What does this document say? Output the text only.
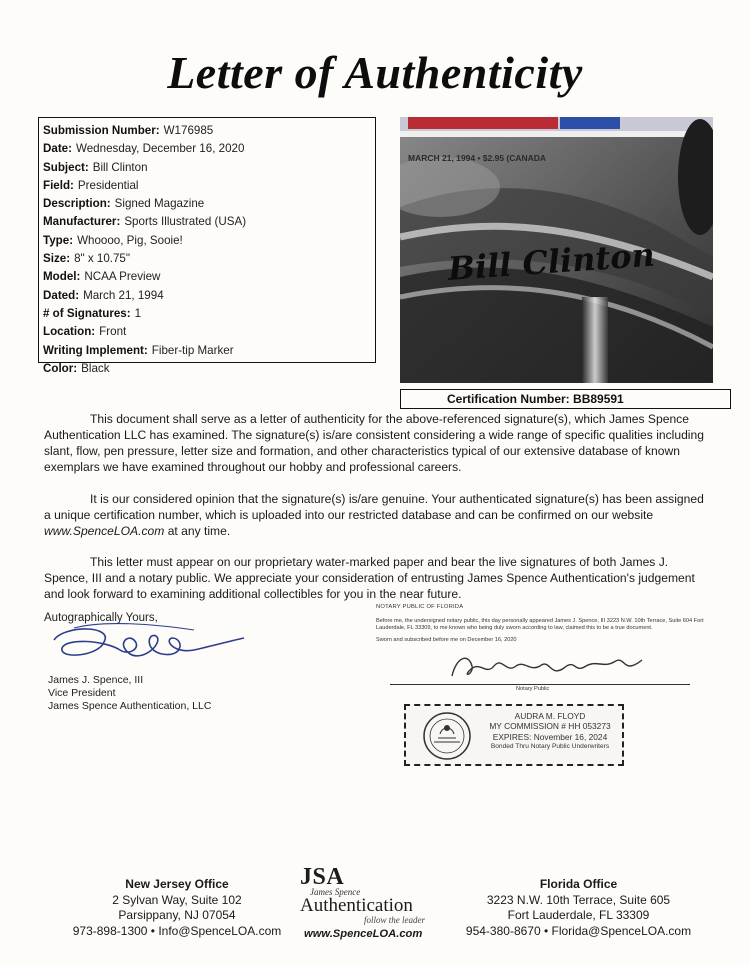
Letter of Authenticity
Submission Number: W176985
Date: Wednesday, December 16, 2020
Subject: Bill Clinton
Field: Presidential
Description: Signed Magazine
Manufacturer: Sports Illustrated (USA)
Type: Whoooo, Pig, Sooie!
Size: 8" x 10.75"
Model: NCAA Preview
Dated: March 21, 1994
# of Signatures: 1
Location: Front
Writing Implement: Fiber-tip Marker
Color: Black
MARCH 21, 1994 • $2.95 (CANADA
Bill Clinton
Certification Number: BB89591
This document shall serve as a letter of authenticity for the above-referenced signature(s), which James Spence Authentication LLC has examined. The signature(s) is/are consistent considering a wide range of specific qualities including slant, flow, pen pressure, letter size and formation, and other characteristics typical of our extensive database of known exemplars we have examined throughout our hobby and professional careers.
It is our considered opinion that the signature(s) is/are genuine. Your authenticated signature(s) has been assigned a unique certification number, which is uploaded into our restricted database and can be confirmed on our website www.SpenceLOA.com at any time.
This letter must appear on our proprietary water-marked paper and bear the live signatures of both James J. Spence, III and a notary public. We appreciate your consideration of entrusting James Spence Authentication's judgement and look forward to examining additional collectibles for you in the near future.
Autographically Yours,
J. Spence
James J. Spence, III
Vice President
James Spence Authentication, LLC
NOTARY PUBLIC OF FLORIDA
Before me, the undersigned notary public, this day personally appeared James J. Spence, III 3223 N.W. 10th Terrace, Suite 604 Fort Lauderdale, FL 33309, to me known who being duly sworn according to law, claimed this to be a true document.
Sworn and subscribed before me on December 16, 2020
Audra M. Floyd
Notary Public
AUDRA M. FLOYD
MY COMMISSION # HH 053273
EXPIRES: November 16, 2024
Bonded Thru Notary Public Underwriters
New Jersey Office
2 Sylvan Way, Suite 102
Parsippany, NJ 07054
973-898-1300 • Info@SpenceLOA.com
JSA
James Spence
Authentication
follow the leader
www.SpenceLOA.com
Florida Office
3223 N.W. 10th Terrace, Suite 605
Fort Lauderdale, FL 33309
954-380-8670 • Florida@SpenceLOA.com
